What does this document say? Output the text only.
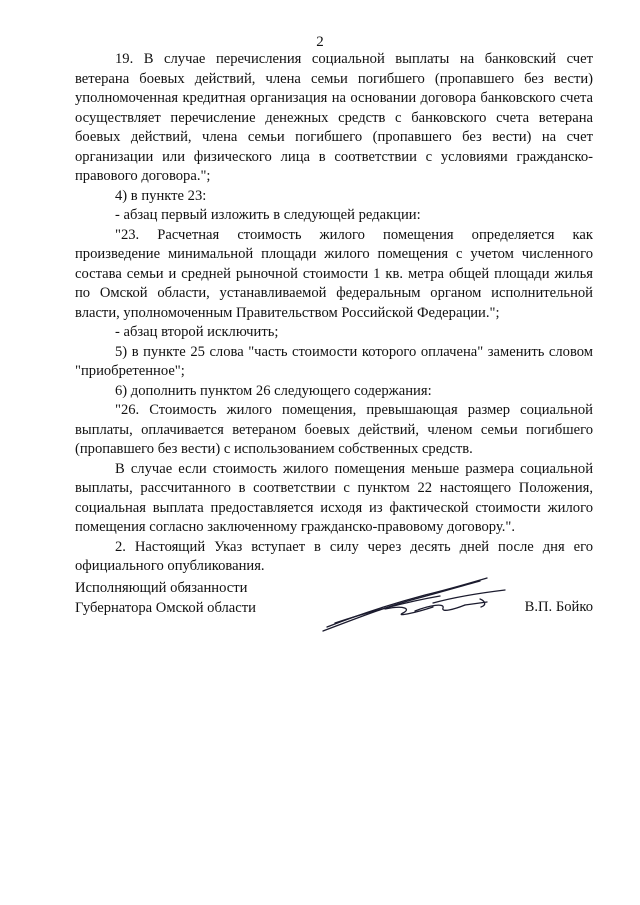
2

19. В случае перечисления социальной выплаты на банковский счет ветерана боевых действий, члена семьи погибшего (пропавшего без вести) уполномоченная кредитная организация на основании договора банковского счета осуществляет перечисление денежных средств с банковского счета ветерана боевых действий, члена семьи погибшего (пропавшего без вести) на счет организации или физического лица в соответствии с условиями гражданско-правового договора.";

4) в пункте 23:

- абзац первый изложить в следующей редакции:

"23. Расчетная стоимость жилого помещения определяется как произведение минимальной площади жилого помещения с учетом численного состава семьи и средней рыночной стоимости 1 кв. метра общей площади жилья по Омской области, устанавливаемой федеральным органом исполнительной власти, уполномоченным Правительством Российской Федерации.";

- абзац второй исключить;

5) в пункте 25 слова "часть стоимости которого оплачена" заменить словом "приобретенное";

6) дополнить пунктом 26 следующего содержания:

"26. Стоимость жилого помещения, превышающая размер социальной выплаты, оплачивается ветераном боевых действий, членом семьи погибшего (пропавшего без вести) с использованием собственных средств.

В случае если стоимость жилого помещения меньше размера социальной выплаты, рассчитанного в соответствии с пунктом 22 настоящего Положения, социальная выплата предоставляется исходя из фактической стоимости жилого помещения согласно заключенному гражданско-правовому договору.".

2. Настоящий Указ вступает в силу через десять дней после дня его официального опубликования.

Исполняющий обязанности
Губернатора Омской области	В.П. Бойко
